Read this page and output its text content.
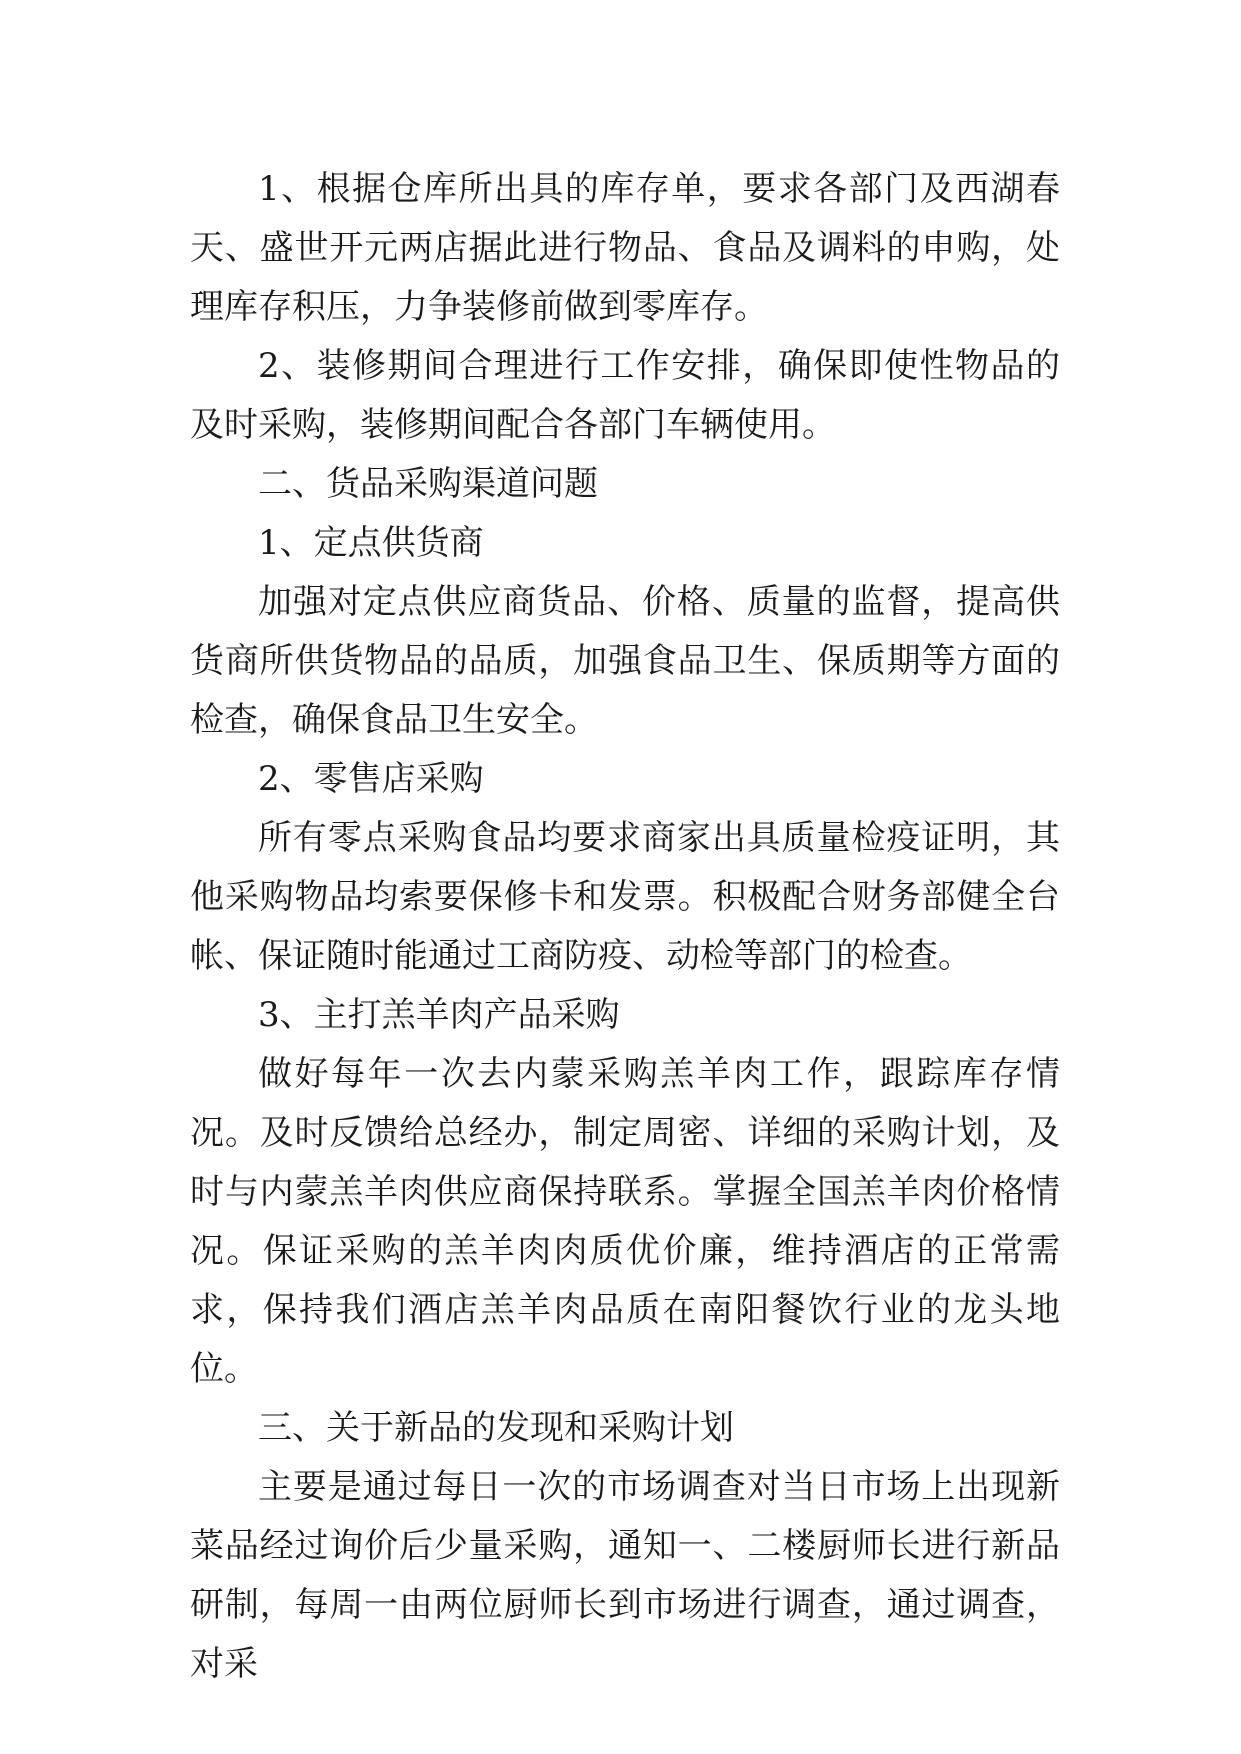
1、根据仓库所出具的库存单，要求各部门及西湖春天、盛世开元两店据此进行物品、食品及调料的申购，处理库存积压，力争装修前做到零库存。

2、装修期间合理进行工作安排，确保即使性物品的及时采购，装修期间配合各部门车辆使用。

二、货品采购渠道问题

1、定点供货商

加强对定点供应商货品、价格、质量的监督，提高供货商所供货物品的品质，加强食品卫生、保质期等方面的检查，确保食品卫生安全。

2、零售店采购

所有零点采购食品均要求商家出具质量检疫证明，其他采购物品均索要保修卡和发票。积极配合财务部健全台帐、保证随时能通过工商防疫、动检等部门的检查。

3、主打羔羊肉产品采购

做好每年一次去内蒙采购羔羊肉工作，跟踪库存情况。及时反馈给总经办，制定周密、详细的采购计划，及时与内蒙羔羊肉供应商保持联系。掌握全国羔羊肉价格情况。保证采购的羔羊肉肉质优价廉，维持酒店的正常需求，保持我们酒店羔羊肉品质在南阳餐饮行业的龙头地位。

三、关于新品的发现和采购计划

主要是通过每日一次的市场调查对当日市场上出现新菜品经过询价后少量采购，通知一、二楼厨师长进行新品研制，每周一由两位厨师长到市场进行调查，通过调查，对采
